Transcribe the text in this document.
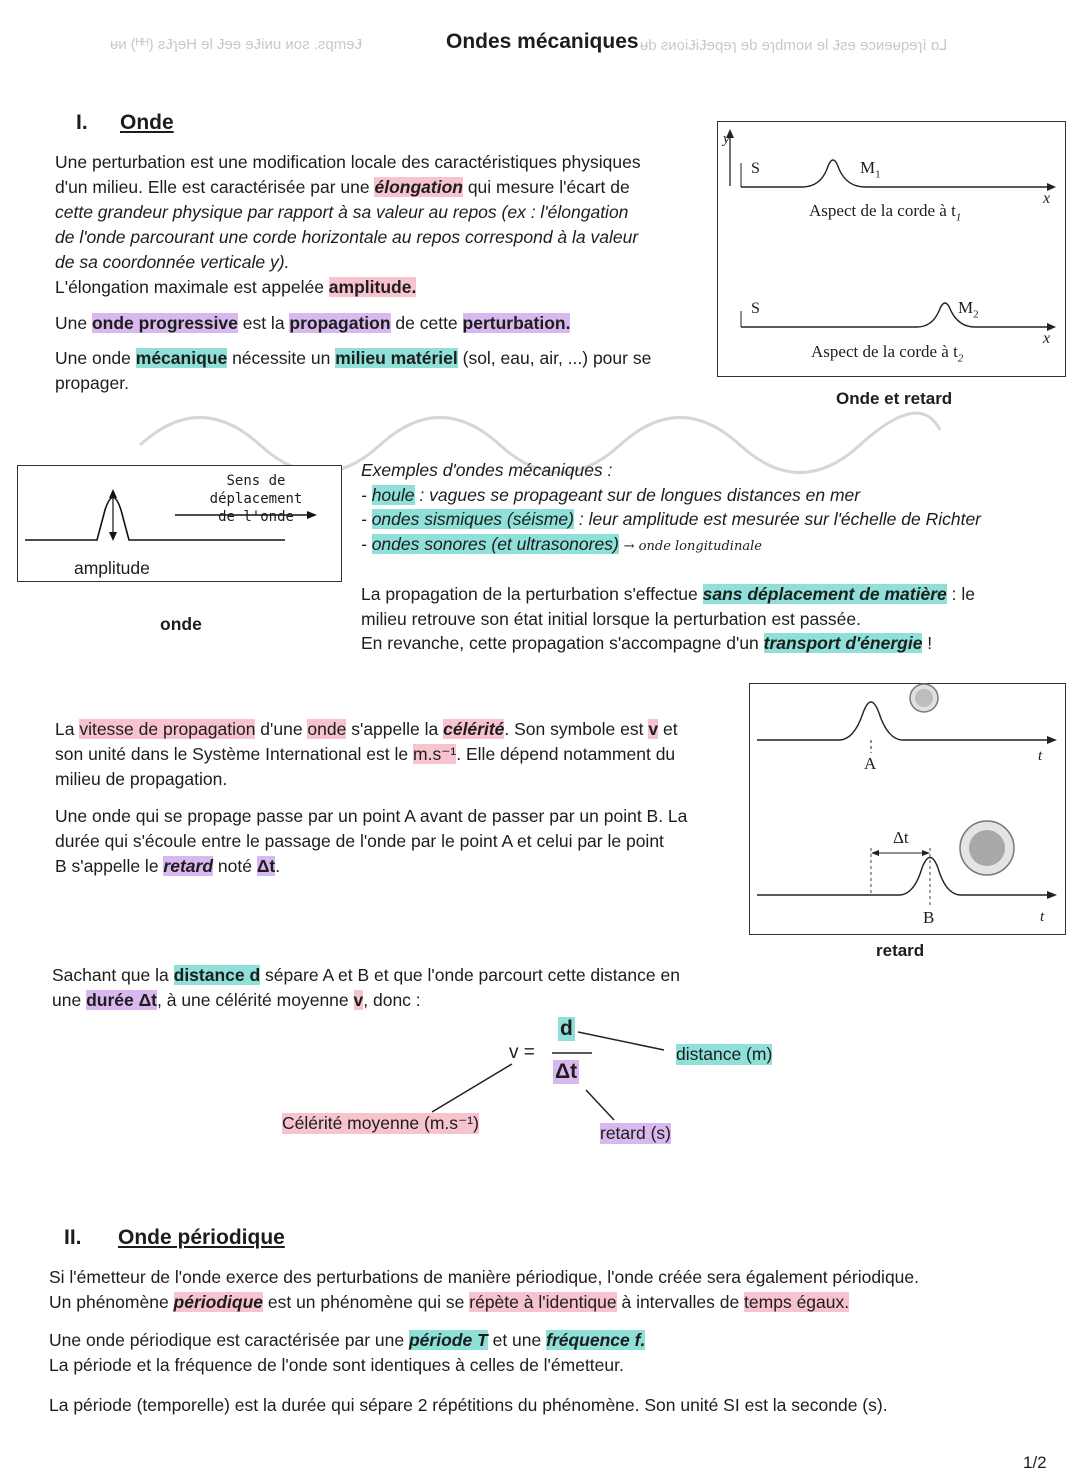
ᵾᴎ (ᴴᴴ) ƨɈɿɘH ɘl Ɉɘɘ ɘɈiᴎu ᴎoƨ .ƨqmɘɈ	ᵾb ƨᴎoiɈiɈɘqɘɿ ɘb ɘɿdmoᴎ ɘl Ɉƨɘ ɘɔᴎɘᵾpɘɿì ɒ⅃
Ondes mécaniques
I. Onde
Une perturbation est une modification locale des caractéristiques physiques
d'un milieu. Elle est caractérisée par une élongation qui mesure l'écart de
cette grandeur physique par rapport à sa valeur au repos (ex : l'élongation
de l'onde parcourant une corde horizontale au repos correspond à la valeur
de sa coordonnée verticale y).
L'élongation maximale est appelée amplitude.
Une onde progressive est la propagation de cette perturbation.
Une onde mécanique nécessite un milieu matériel (sol, eau, air, ...) pour se
propager.
y
S	$M_1$
Aspect de la corde à $t_1$
x
S	$M_2$
Aspect de la corde à $t_2$
x
Onde et retard
Sens de déplacement
de l'onde
amplitude
onde
Exemples d'ondes mécaniques :
- houle : vagues se propageant sur de longues distances en mer
- ondes sismiques (séisme) : leur amplitude est mesurée sur l'échelle de Richter
- ondes sonores (et ultrasonores) → onde longitudinale
La propagation de la perturbation s'effectue sans déplacement de matière : le
milieu retrouve son état initial lorsque la perturbation est passée.
En revanche, cette propagation s'accompagne d'un transport d'énergie !
La vitesse de propagation d'une onde s'appelle la célérité. Son symbole est v et
son unité dans le Système International est le m.s⁻¹. Elle dépend notamment du
milieu de propagation.
Une onde qui se propage passe par un point A avant de passer par un point B. La
durée qui s'écoule entre le passage de l'onde par le point A et celui par le point
B s'appelle le retard noté Δt.
A	t
Δt
B	t
retard
Sachant que la distance d sépare A et B et que l'onde parcourt cette distance en
une durée Δt, à une célérité moyenne v, donc :
v =
d
Δt
distance (m)
Célérité moyenne (m.s⁻¹)	retard (s)
II. Onde périodique
Si l'émetteur de l'onde exerce des perturbations de manière périodique, l'onde créée sera également périodique.
Un phénomène périodique est un phénomène qui se répète à l'identique à intervalles de temps égaux.
Une onde périodique est caractérisée par une période T et une fréquence f.
La période et la fréquence de l'onde sont identiques à celles de l'émetteur.
La période (temporelle) est la durée qui sépare 2 répétitions du phénomène. Son unité SI est la seconde (s).
1/2
